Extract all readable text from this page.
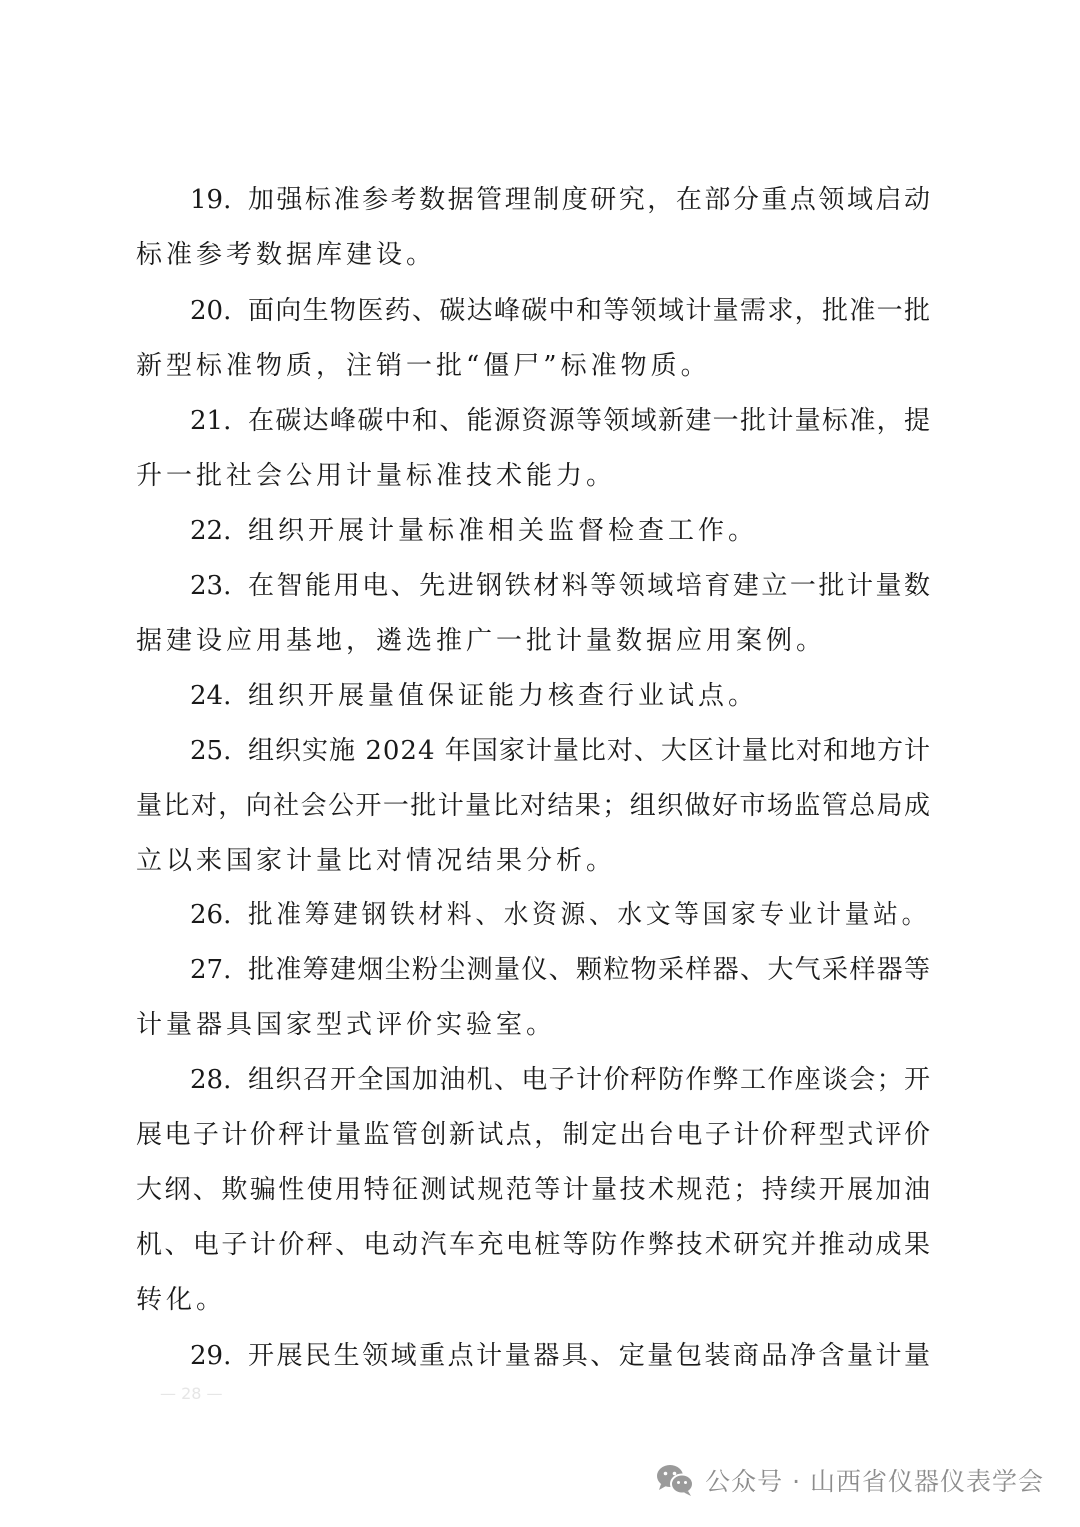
19. 加强标准参考数据管理制度研究，在部分重点领域启动
标准参考数据库建设。
20. 面向生物医药、碳达峰碳中和等领域计量需求，批准一批
新型标准物质，注销一批“僵尸”标准物质。
21. 在碳达峰碳中和、能源资源等领域新建一批计量标准，提
升一批社会公用计量标准技术能力。
22. 组织开展计量标准相关监督检查工作。
23. 在智能用电、先进钢铁材料等领域培育建立一批计量数
据建设应用基地，遴选推广一批计量数据应用案例。
24. 组织开展量值保证能力核查行业试点。
25. 组织实施 2024 年国家计量比对、大区计量比对和地方计
量比对，向社会公开一批计量比对结果；组织做好市场监管总局成
立以来国家计量比对情况结果分析。
26. 批准筹建钢铁材料、水资源、水文等国家专业计量站。
27. 批准筹建烟尘粉尘测量仪、颗粒物采样器、大气采样器等
计量器具国家型式评价实验室。
28. 组织召开全国加油机、电子计价秤防作弊工作座谈会；开
展电子计价秤计量监管创新试点，制定出台电子计价秤型式评价
大纲、欺骗性使用特征测试规范等计量技术规范；持续开展加油
机、电子计价秤、电动汽车充电桩等防作弊技术研究并推动成果
转化。
29. 开展民生领域重点计量器具、定量包装商品净含量计量
— 28 —
公众号 · 山西省仪器仪表学会
